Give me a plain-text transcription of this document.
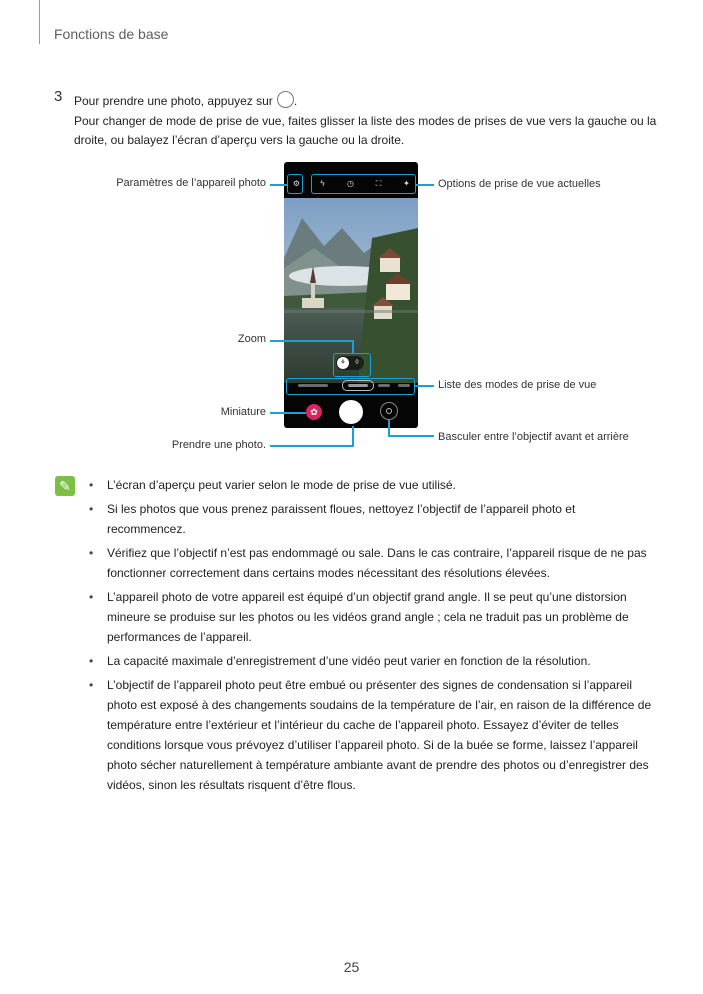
Fonctions de base
3 Pour prendre une photo, appuyez sur .
Pour changer de mode de prise de vue, faites glisser la liste des modes de prises de vue vers la gauche ou la droite, ou balayez l’écran d’aperçu vers la gauche ou la droite.
⚙	ϟ	◷	⛶	✦
⚘	◊
✿
Paramètres de l’appareil photo	Options de prise de vue actuelles
Zoom
Liste des modes de prise de vue
Miniature
Prendre une photo.
Basculer entre l’objectif avant et arrière
✎
• L’écran d’aperçu peut varier selon le mode de prise de vue utilisé.
• Si les photos que vous prenez paraissent floues, nettoyez l’objectif de l’appareil photo et recommencez.
• Vérifiez que l’objectif n’est pas endommagé ou sale. Dans le cas contraire, l’appareil risque de ne pas fonctionner correctement dans certains modes nécessitant des résolutions élevées.
• L’appareil photo de votre appareil est équipé d’un objectif grand angle. Il se peut qu’une distorsion mineure se produise sur les photos ou les vidéos grand angle ; cela ne traduit pas un problème de performances de l’appareil.
• La capacité maximale d’enregistrement d’une vidéo peut varier en fonction de la résolution.
• L’objectif de l’appareil photo peut être embué ou présenter des signes de condensation si l’appareil photo est exposé à des changements soudains de la température de l’air, en raison de la différence de température entre l’extérieur et l’intérieur du cache de l’appareil photo. Essayez d’éviter de telles conditions lorsque vous prévoyez d’utiliser l’appareil photo. Si de la buée se forme, laissez l’appareil photo sécher naturellement à température ambiante avant de prendre des photos ou d’enregistrer des vidéos, sinon les résultats risquent d’être flous.
25
